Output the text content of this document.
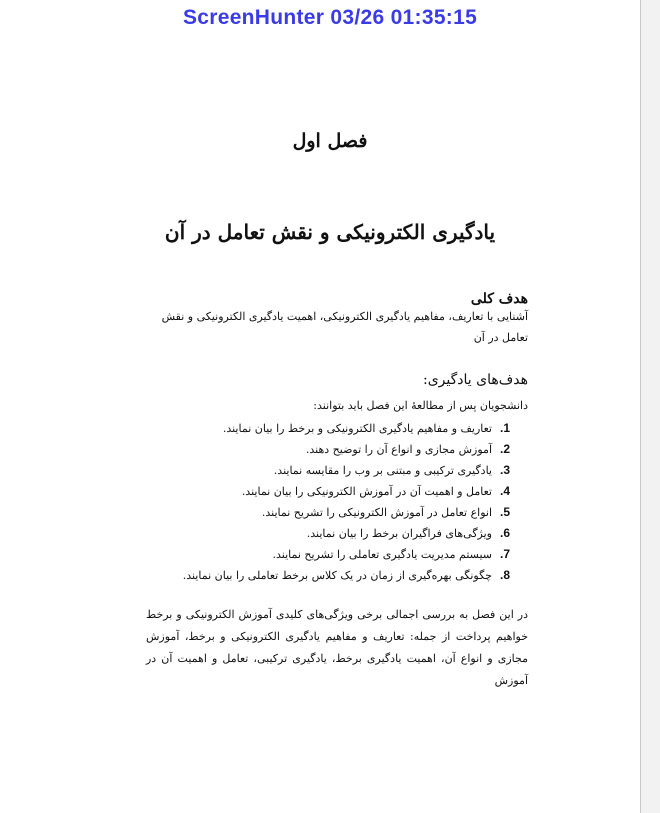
ScreenHunter 03/26 01:35:15
فصل اول
یادگیری الکترونیکی و نقش تعامل در آن
هدف کلی
آشنایی با تعاریف، مفاهیم یادگیری الکترونیکی، اهمیت یادگیری الکترونیکی و نقش تعامل در آن
هدف‌های یادگیری:
دانشجویان پس از مطالعۀ این فصل باید بتوانند:
1.تعاریف و مفاهیم یادگیری الکترونیکی و برخط را بیان نمایند.
2.آموزش مجازی و انواع آن را توضیح دهند.
3.یادگیری ترکیبی و مبتنی بر وب را مقایسه نمایند.
4.تعامل و اهمیت آن در آموزش الکترونیکی را بیان نمایند.
5.انواع تعامل در آموزش الکترونیکی را تشریح نمایند.
6.ویژگی‌های فراگیران برخط را بیان نمایند.
7.سیستم مدیریت یادگیری تعاملی را تشریح نمایند.
8.چگونگی بهره‌گیری از زمان در یک کلاس برخط تعاملی را بیان نمایند.
در این فصل به بررسی اجمالی برخی ویژگی‌های کلیدی آموزش الکترونیکی و برخط خواهیم پرداخت از جمله: تعاریف و مفاهیم یادگیری الکترونیکی و برخط، آموزش مجازی و انواع آن، اهمیت یادگیری برخط، یادگیری ترکیبی، تعامل و اهمیت آن در آموزش
